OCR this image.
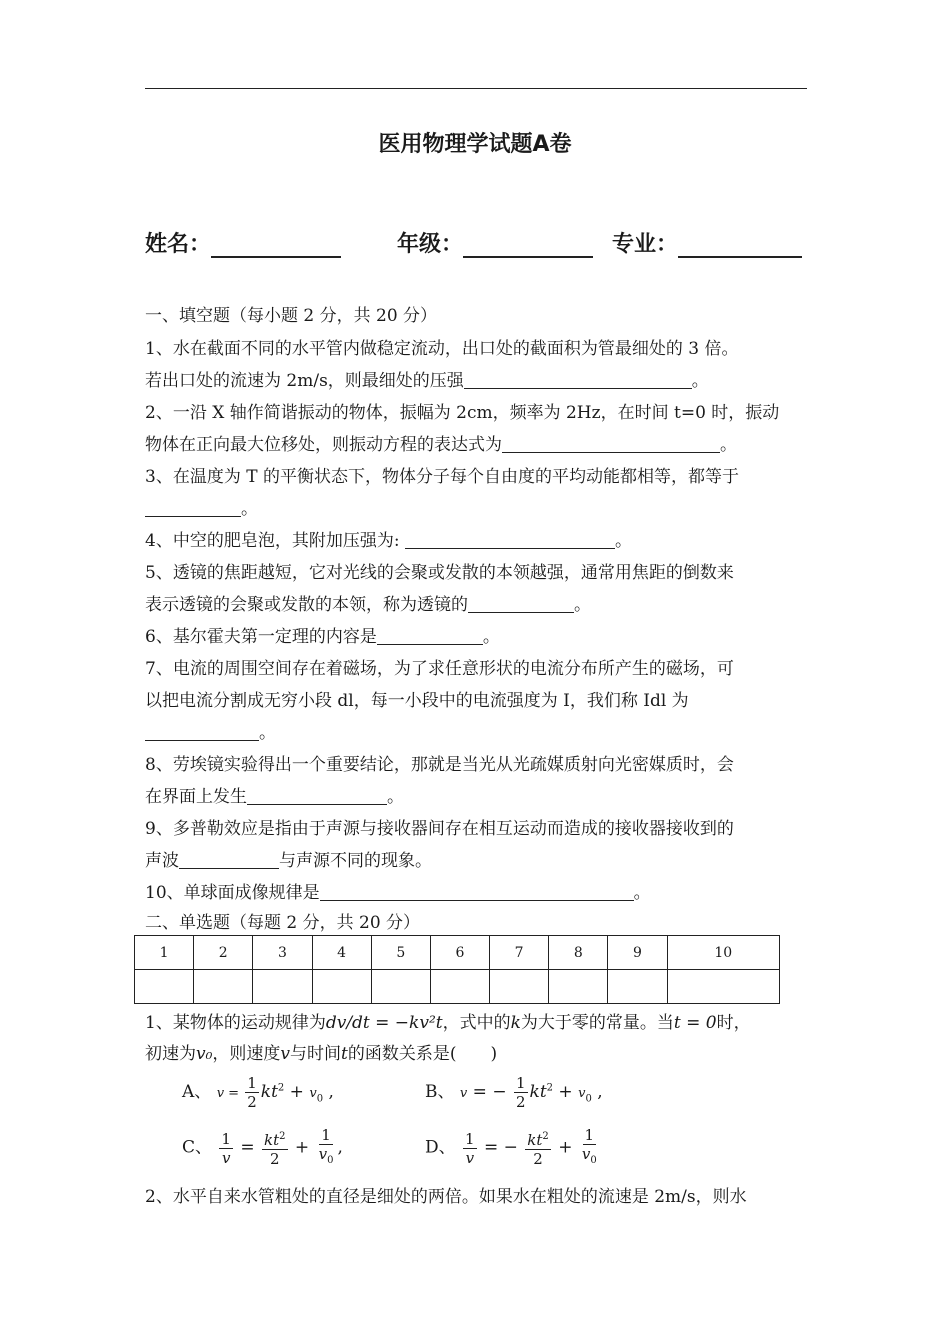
医用物理学试题A卷
姓名：	年级：	专业：
一、填空题（每小题 2 分，共 20 分）
1、水在截面不同的水平管内做稳定流动，出口处的截面积为管最细处的 3 倍。
若出口处的流速为 2m/s，则最细处的压强	。
2、一沿 X 轴作简谐振动的物体，振幅为 2cm，频率为 2Hz，在时间 t=0 时，振动
物体在正向最大位移处，则振动方程的表达式为	。
3、在温度为 T 的平衡状态下，物体分子每个自由度的平均动能都相等，都等于
。
4、中空的肥皂泡，其附加压强为:	。
5、透镜的焦距越短，它对光线的会聚或发散的本领越强，通常用焦距的倒数来
表示透镜的会聚或发散的本领，称为透镜的	。
6、基尔霍夫第一定理的内容是	。
7、电流的周围空间存在着磁场，为了求任意形状的电流分布所产生的磁场，可
以把电流分割成无穷小段 dl，每一小段中的电流强度为 I，我们称 Idl 为
。
8、劳埃镜实验得出一个重要结论，那就是当光从光疏媒质射向光密媒质时，会
在界面上发生	。
9、多普勒效应是指由于声源与接收器间存在相互运动而造成的接收器接收到的
声波	与声源不同的现象。
10、单球面成像规律是	。
二、单选题（每题 2 分，共 20 分）
1	2	3	4	5	6	7	8	9	10

1、某物体的运动规律为dv/dt = −kv²t，式中的k为大于零的常量。当t = 0时，
初速为v₀，则速度v与时间t的函数关系是(　　)
A、 $v = \frac{1}{2} kt^2 + v_0$ ,	B、 v = − $\frac{1}{2} kt^2 + v_0$ ,
C、 $\frac{1}{v} = \frac{kt^2}{2} + \frac{1}{v_0}$ ,	D、 $\frac{1}{v}$ = − $\frac{kt^2}{2} + \frac{1}{v_0}$
2、水平自来水管粗处的直径是细处的两倍。如果水在粗处的流速是 2m/s，则水
